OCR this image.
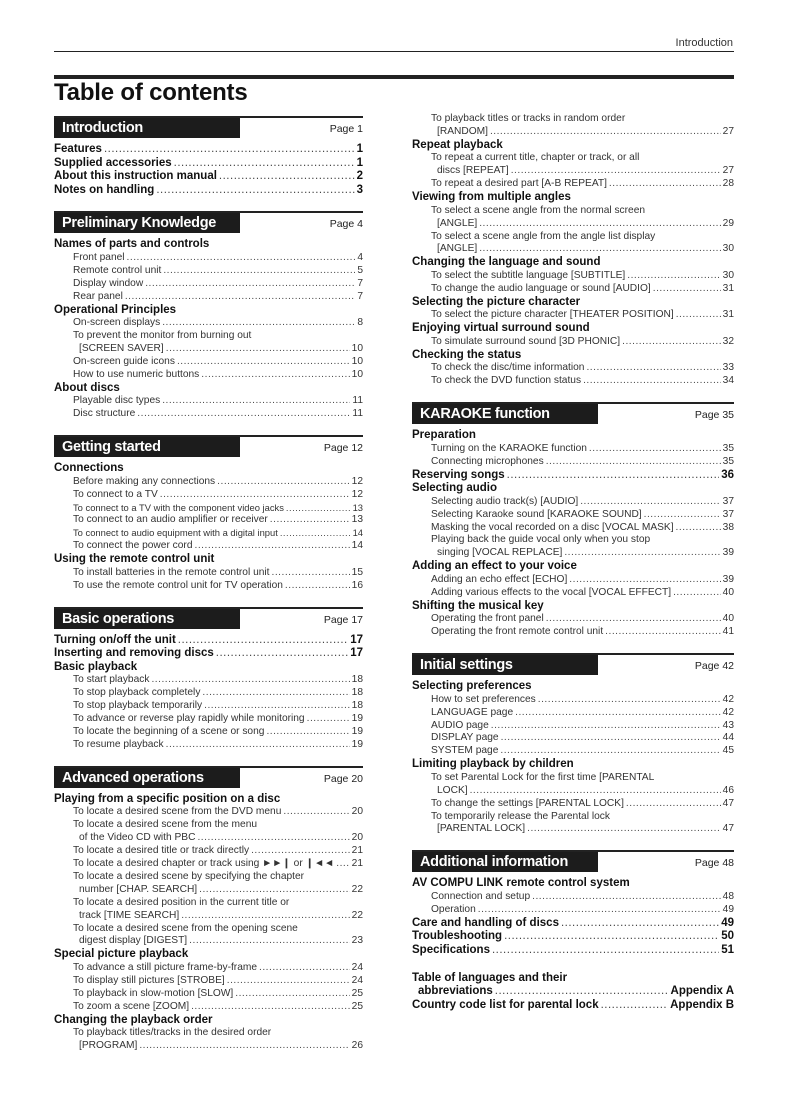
Introduction
Table of contents
Introduction	Page 1
Features .....	1
Supplied accessories .....	1
About this instruction manual .....	2
Notes on handling .....	3
Preliminary Knowledge	Page 4
Names of parts and controls
Front panel .....	4
Remote control unit .....	5
Display window .....	7
Rear panel .....	7
Operational Principles
On-screen displays .....	8
To prevent the monitor from burning out
[SCREEN SAVER] .....	10
On-screen guide icons .....	10
How to use numeric buttons .....	10
About discs
Playable disc types .....	11
Disc structure .....	11
Getting started	Page 12
Connections
Before making any connections .....	12
To connect to a TV .....	12
To connect to a TV with the component video jacks .....	13
To connect to an audio amplifier or receiver .....	13
To connect to audio equipment with a digital input .....	14
To connect the power cord .....	14
Using the remote control unit
To install batteries in the remote control unit .....	15
To use the remote control unit for TV operation .....	16
Basic operations	Page 17
Turning on/off the unit .....	17
Inserting and removing discs .....	17
Basic playback
To start playback .....	18
To stop playback completely .....	18
To stop playback temporarily .....	18
To advance or reverse play rapidly while monitoring .....	19
To locate the beginning of a scene or song .....	19
To resume playback .....	19
Advanced operations	Page 20
Playing from a specific position on a disc
To locate a desired scene from the DVD menu .....	20
To locate a desired scene from the menu
of the Video CD with PBC .....	20
To locate a desired title or track directly .....	21
To locate a desired chapter or track using ►►❙ or ❙◄◄ ..... 21
To locate a desired scene by specifying the chapter
number [CHAP. SEARCH] .....	22
To locate a desired position in the current title or
track [TIME SEARCH] .....	22
To locate a desired scene from the opening scene
digest display [DIGEST] .....	23
Special picture playback
To advance a still picture frame-by-frame .....	24
To display still pictures [STROBE] .....	24
To playback in slow-motion [SLOW] .....	25
To zoom a scene [ZOOM] .....	25
Changing the playback order
To playback titles/tracks in the desired order
[PROGRAM] .....	26
To playback titles or tracks in random order
[RANDOM] .....	27
Repeat playback
To repeat a current title, chapter or track, or all
discs [REPEAT] .....	27
To repeat a desired part [A-B REPEAT] .....	28
Viewing from multiple angles
To select a scene angle from the normal screen
[ANGLE] .....	29
To select a scene angle from the angle list display
[ANGLE] .....	30
Changing the language and sound
To select the subtitle language [SUBTITLE] .....	30
To change the audio language or sound [AUDIO] .....	31
Selecting the picture character
To select the picture character [THEATER POSITION] .....	31
Enjoying virtual surround sound
To simulate surround sound [3D PHONIC] .....	32
Checking the status
To check the disc/time information .....	33
To check the DVD function status .....	34
KARAOKE function	Page 35
Preparation
Turning on the KARAOKE function .....	35
Connecting microphones .....	35
Reserving songs .....	36
Selecting audio
Selecting audio track(s) [AUDIO] .....	37
Selecting Karaoke sound [KARAOKE SOUND] .....	37
Masking the vocal recorded on a disc [VOCAL MASK] .....	38
Playing back the guide vocal only when you stop
singing [VOCAL REPLACE] .....	39
Adding an effect to your voice
Adding an echo effect [ECHO] .....	39
Adding various effects to the vocal [VOCAL EFFECT] .....	40
Shifting the musical key
Operating the front panel .....	40
Operating the front remote control unit .....	41
Initial settings	Page 42
Selecting preferences
How to set preferences .....	42
LANGUAGE page .....	42
AUDIO page .....	43
DISPLAY page .....	44
SYSTEM page .....	45
Limiting playback by children
To set Parental Lock for the first time [PARENTAL
LOCK] .....	46
To change the settings [PARENTAL LOCK] .....	47
To temporarily release the Parental lock
[PARENTAL LOCK] .....	47
Additional information	Page 48
AV COMPU LINK remote control system
Connection and setup .....	48
Operation .....	49
Care and handling of discs .....	49
Troubleshooting .....	50
Specifications .....	51
Table of languages and their
abbreviations .....	Appendix A
Country code list for parental lock .....	Appendix B
